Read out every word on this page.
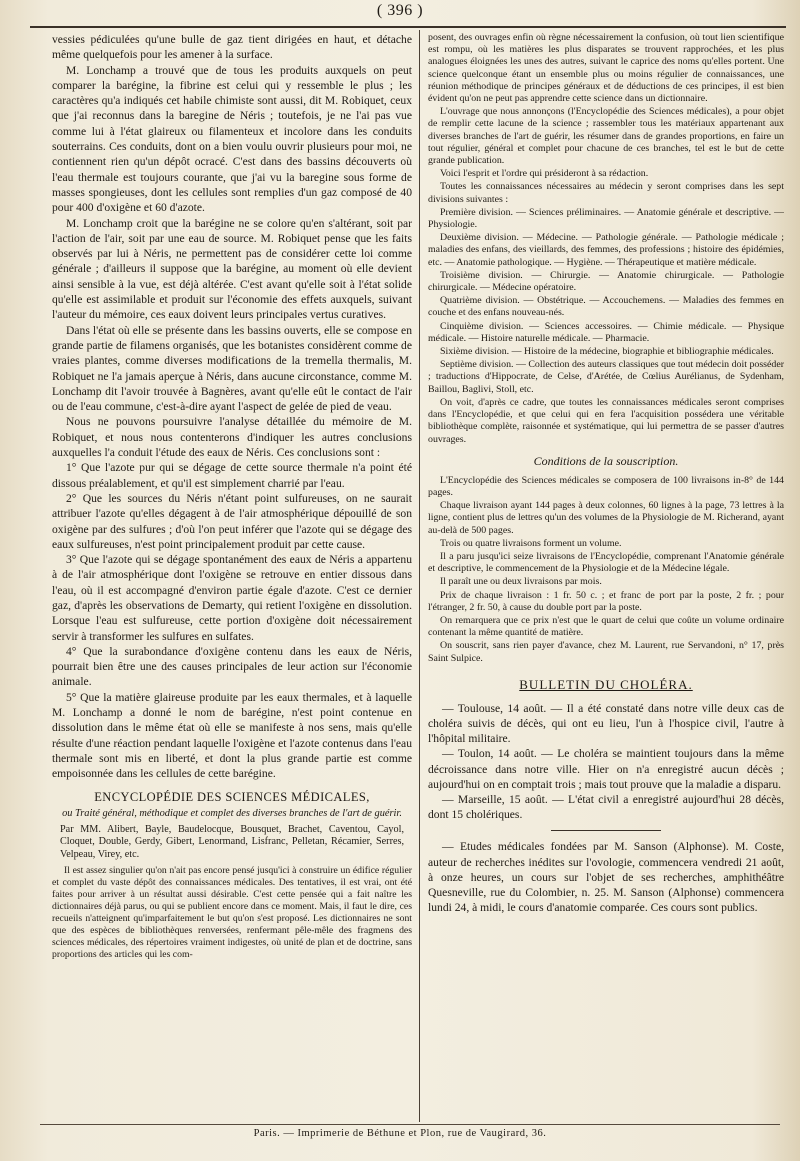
( 396 )

vessies pédiculées qu'une bulle de gaz tient dirigées en haut, et détache même quelquefois pour les amener à la surface.

M. Lonchamp a trouvé que de tous les produits auxquels on peut comparer la barégine, la fibrine est celui qui y ressemble le plus ; les caractères qu'a indiqués cet habile chimiste sont aussi, dit M. Robiquet, ceux que j'ai reconnus dans la baregine de Néris ; toutefois, je ne l'ai pas vue comme lui à l'état glaireux ou filamenteux et incolore dans les conduits souterrains. Ces conduits, dont on a bien voulu ouvrir plusieurs pour moi, ne contiennent rien qu'un dépôt ocracé. C'est dans des bassins découverts où l'eau thermale est toujours courante, que j'ai vu la baregine sous forme de masses spongieuses, dont les cellules sont remplies d'un gaz composé de 40 pour 400 d'oxigène et 60 d'azote.

M. Lonchamp croit que la barégine ne se colore qu'en s'altérant, soit par l'action de l'air, soit par une eau de source. M. Robiquet pense que les faits observés par lui à Néris, ne permettent pas de considérer cette loi comme générale ; d'ailleurs il suppose que la barégine, au moment où elle devient ainsi sensible à la vue, est déjà altérée. C'est avant qu'elle soit à l'état solide qu'elle est assimilable et produit sur l'économie des effets auxquels, suivant l'auteur du mémoire, ces eaux doivent leurs principales vertus curatives.

Dans l'état où elle se présente dans les bassins ouverts, elle se compose en grande partie de filamens organisés, que les botanistes considèrent comme de vraies plantes, comme diverses modifications de la tremella thermalis, M. Robiquet ne l'a jamais aperçue à Néris, dans aucune circonstance, comme M. Lonchamp dit l'avoir trouvée à Bagnères, avant qu'elle eût le contact de l'air ou de l'eau commune, c'est-à-dire ayant l'aspect de gelée de pied de veau.

Nous ne pouvons poursuivre l'analyse détaillée du mémoire de M. Robiquet, et nous nous contenterons d'indiquer les autres conclusions auxquelles l'a conduit l'étude des eaux de Néris. Ces conclusions sont :

1° Que l'azote pur qui se dégage de cette source thermale n'a point été dissous préalablement, et qu'il est simplement charrié par l'eau.

2° Que les sources du Néris n'étant point sulfureuses, on ne saurait attribuer l'azote qu'elles dégagent à de l'air atmosphérique dépouillé de son oxigène par des sulfures ; d'où l'on peut inférer que l'azote qui se dégage des eaux sulfureuses, n'est point principalement produit par cette cause.

3° Que l'azote qui se dégage spontanément des eaux de Néris a appartenu à de l'air atmosphérique dont l'oxigène se retrouve en entier dissous dans l'eau, où il est accompagné d'environ partie égale d'azote. C'est ce dernier gaz, d'après les observations de Demarty, qui retient l'oxigène en dissolution. Lorsque l'eau est sulfureuse, cette portion d'oxigène doit nécessairement servir à transformer les sulfures en sulfates.

4° Que la surabondance d'oxigène contenu dans les eaux de Néris, pourrait bien être une des causes principales de leur action sur l'économie animale.

5° Que la matière glaireuse produite par les eaux thermales, et à laquelle M. Lonchamp a donné le nom de barégine, n'est point contenue en dissolution dans le même état où elle se manifeste à nos sens, mais qu'elle résulte d'une réaction pendant laquelle l'oxigène et l'azote contenus dans l'eau thermale sont mis en liberté, et dont la plus grande partie est comme empoisonnée dans les cellules de cette barégine.

ENCYCLOPÉDIE DES SCIENCES MÉDICALES,
ou Traité général, méthodique et complet des diverses branches de l'art de guérir.

Par MM. Alibert, Bayle, Baudelocque, Bousquet, Brachet, Caventou, Cayol, Cloquet, Double, Gerdy, Gibert, Lenormand, Lisfranc, Pelletan, Récamier, Serres, Velpeau, Virey, etc.

Il est assez singulier qu'on n'ait pas encore pensé jusqu'ici à construire un édifice régulier et complet du vaste dépôt des connaissances médicales. Des tentatives, il est vrai, ont été faites pour arriver à un résultat aussi désirable. C'est cette pensée qui a fait naître les dictionnaires déjà parus, ou qui se publient encore dans ce moment. Mais, il faut le dire, ces recueils n'atteignent qu'imparfaitement le but qu'on s'est proposé. Les dictionnaires ne sont que des espèces de bibliothèques renversées, renfermant pêle-mêle des fragmens des sciences médicales, des répertoires vraiment indigestes, où unité de plan et de doctrine, sans proportions des articles qui les com-

posent, des ouvrages enfin où règne nécessairement la confusion, où tout lien scientifique est rompu, où les matières les plus disparates se trouvent rapprochées, et les plus analogues éloignées les unes des autres, suivant le caprice des noms qu'elles portent. Une science quelconque étant un ensemble plus ou moins régulier de connaissances, une réunion méthodique de principes généraux et de déductions de ces principes, il est bien évident qu'on ne peut pas apprendre cette science dans un dictionnaire.

L'ouvrage que nous annonçons (l'Encyclopédie des Sciences médicales), a pour objet de remplir cette lacune de la science ; rassembler tous les matériaux appartenant aux diverses branches de l'art de guérir, les résumer dans de grandes proportions, en faire un tout régulier, général et complet pour chacune de ces branches, tel est le but de cette grande publication.

Voici l'esprit et l'ordre qui présideront à sa rédaction.

Toutes les connaissances nécessaires au médecin y seront comprises dans les sept divisions suivantes :

Première division. — Sciences préliminaires. — Anatomie générale et descriptive. — Physiologie.

Deuxième division. — Médecine. — Pathologie générale. — Pathologie médicale ; maladies des enfans, des vieillards, des femmes, des professions ; histoire des épidémies, etc. — Anatomie pathologique. — Hygiène. — Thérapeutique et matière médicale.

Troisième division. — Chirurgie. — Anatomie chirurgicale. — Pathologie chirurgicale. — Médecine opératoire.

Quatrième division. — Obstétrique. — Accouchemens. — Maladies des femmes en couche et des enfans nouveau-nés.

Cinquième division. — Sciences accessoires. — Chimie médicale. — Physique médicale. — Histoire naturelle médicale. — Pharmacie.

Sixième division. — Histoire de la médecine, biographie et bibliographie médicales.

Septième division. — Collection des auteurs classiques que tout médecin doit posséder ; traductions d'Hippocrate, de Celse, d'Arétée, de Cœlius Aurélianus, de Sydenham, Baillou, Baglivi, Stoll, etc.

On voit, d'après ce cadre, que toutes les connaissances médicales seront comprises dans l'Encyclopédie, et que celui qui en fera l'acquisition possédera une véritable bibliothèque complète, raisonnée et systématique, qui lui permettra de se passer d'autres ouvrages.

Conditions de la souscription.

L'Encyclopédie des Sciences médicales se composera de 100 livraisons in-8° de 144 pages.

Chaque livraison ayant 144 pages à deux colonnes, 60 lignes à la page, 73 lettres à la ligne, contient plus de lettres qu'un des volumes de la Physiologie de M. Richerand, ayant au-delà de 500 pages.

Trois ou quatre livraisons forment un volume.

Il a paru jusqu'ici seize livraisons de l'Encyclopédie, comprenant l'Anatomie générale et descriptive, le commencement de la Physiologie et de la Médecine légale.

Il paraît une ou deux livraisons par mois.

Prix de chaque livraison : 1 fr. 50 c. ; et franc de port par la poste, 2 fr. ; pour l'étranger, 2 fr. 50, à cause du double port par la poste.

On remarquera que ce prix n'est que le quart de celui que coûte un volume ordinaire contenant la même quantité de matière.

On souscrit, sans rien payer d'avance, chez M. Laurent, rue Servandoni, n° 17, près Saint Sulpice.

BULLETIN DU CHOLÉRA.

— Toulouse, 14 août. — Il a été constaté dans notre ville deux cas de choléra suivis de décès, qui ont eu lieu, l'un à l'hospice civil, l'autre à l'hôpital militaire.

— Toulon, 14 août. — Le choléra se maintient toujours dans la même décroissance dans notre ville. Hier on n'a enregistré aucun décès ; aujourd'hui on en comptait trois ; mais tout prouve que la maladie a disparu.

— Marseille, 15 août. — L'état civil a enregistré aujourd'hui 28 décès, dont 15 cholériques.

— Etudes médicales fondées par M. Sanson (Alphonse). M. Coste, auteur de recherches inédites sur l'ovologie, commencera vendredi 21 août, à onze heures, un cours sur l'objet de ses recherches, amphithéâtre Quesneville, rue du Colombier, n. 25. M. Sanson (Alphonse) commencera lundi 24, à midi, le cours d'anatomie comparée. Ces cours sont publics.

Paris. — Imprimerie de Béthune et Plon, rue de Vaugirard, 36.
